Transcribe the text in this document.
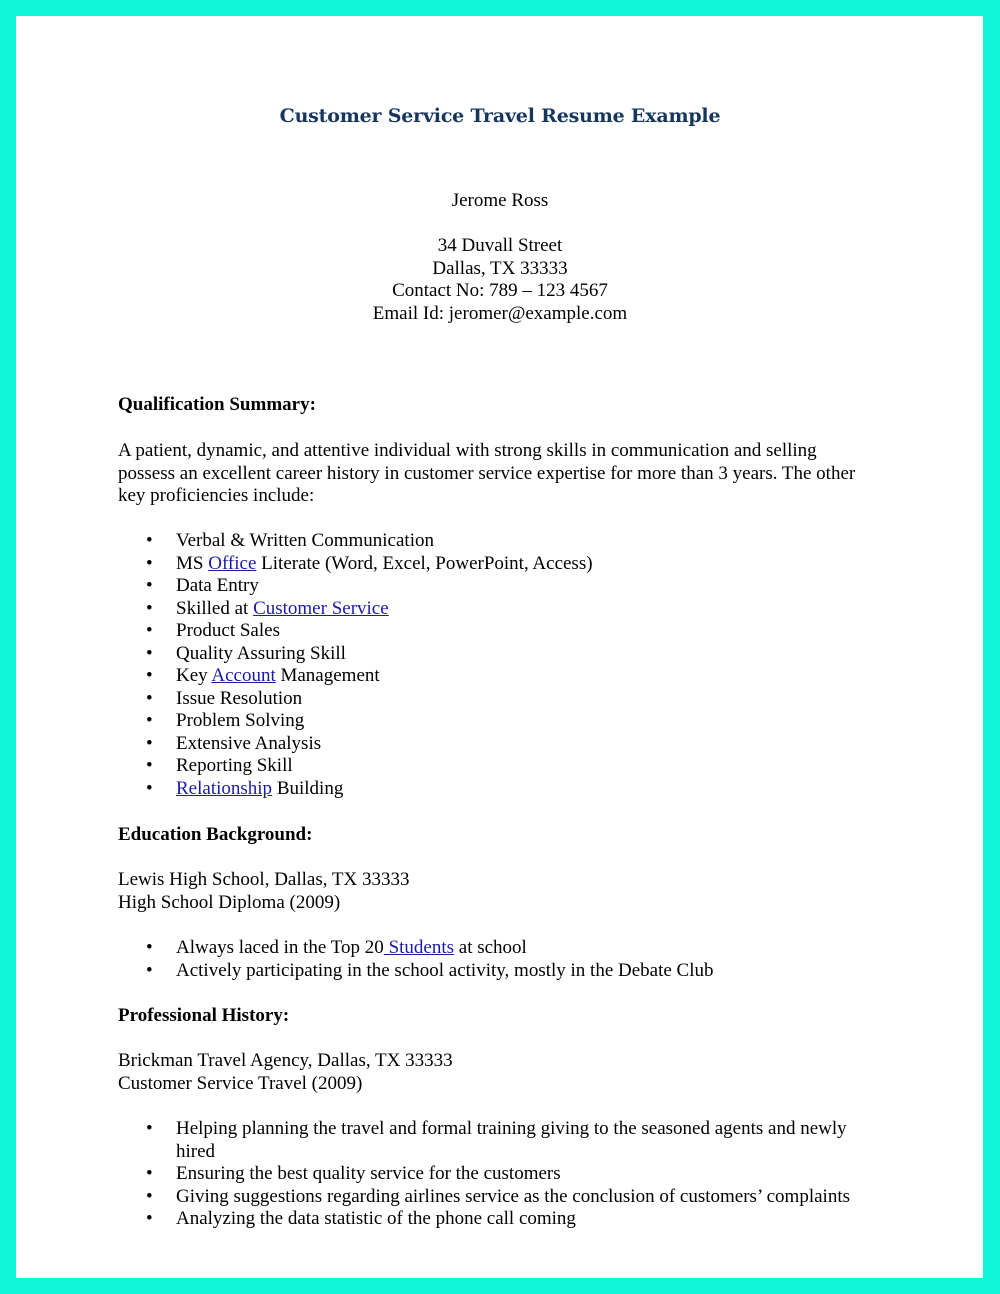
Customer Service Travel Resume Example
Jerome Ross
34 Duvall Street
Dallas, TX 33333
Contact No: 789 – 123 4567
Email Id: jeromer@example.com
Qualification Summary:
A patient, dynamic, and attentive individual with strong skills in communication and selling
possess an excellent career history in customer service expertise for more than 3 years. The other
key proficiencies include:
• Verbal & Written Communication
• MS Office Literate (Word, Excel, PowerPoint, Access)
• Data Entry
• Skilled at Customer Service
• Product Sales
• Quality Assuring Skill
• Key Account Management
• Issue Resolution
• Problem Solving
• Extensive Analysis
• Reporting Skill
• Relationship Building
Education Background:
Lewis High School, Dallas, TX 33333
High School Diploma (2009)
• Always laced in the Top 20 Students at school
• Actively participating in the school activity, mostly in the Debate Club
Professional History:
Brickman Travel Agency, Dallas, TX 33333
Customer Service Travel (2009)
• Helping planning the travel and formal training giving to the seasoned agents and newly hired
• Ensuring the best quality service for the customers
• Giving suggestions regarding airlines service as the conclusion of customers’ complaints
• Analyzing the data statistic of the phone call coming
